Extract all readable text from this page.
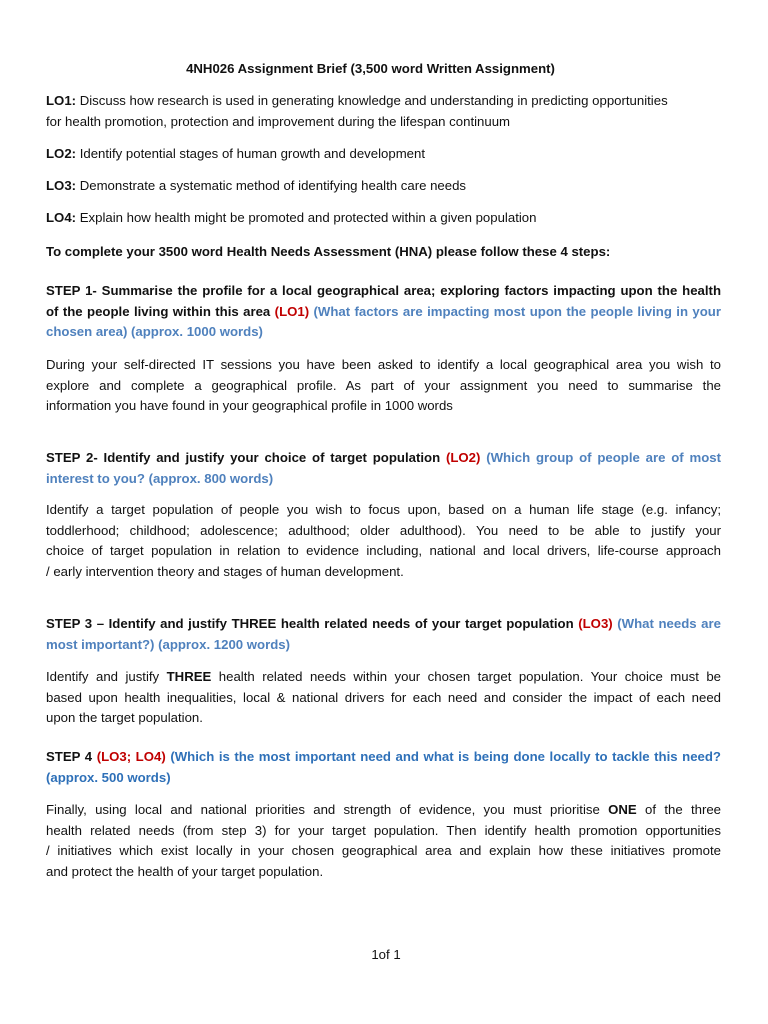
4NH026 Assignment Brief (3,500 word Written Assignment)
LO1: Discuss how research is used in generating knowledge and understanding in predicting opportunities
for health promotion, protection and improvement during the lifespan continuum
LO2: Identify potential stages of human growth and development
LO3: Demonstrate a systematic method of identifying health care needs
LO4: Explain how health might be promoted and protected within a given population
To complete your 3500 word Health Needs Assessment (HNA) please follow these 4 steps:
STEP 1- Summarise the profile for a local geographical area; exploring factors impacting upon the health
of the people living within this area (LO1) (What factors are impacting most upon the people living in your
chosen area) (approx. 1000 words)
During your self-directed IT sessions you have been asked to identify a local geographical area you wish to
explore and complete a geographical profile. As part of your assignment you need to summarise the
information you have found in your geographical profile in 1000 words
STEP 2- Identify and justify your choice of target population (LO2) (Which group of people are of most
interest to you? (approx. 800 words)
Identify a target population of people you wish to focus upon, based on a human life stage (e.g. infancy;
toddlerhood; childhood; adolescence; adulthood; older adulthood). You need to be able to justify your
choice of target population in relation to evidence including, national and local drivers, life-course approach
/ early intervention theory and stages of human development.
STEP 3 – Identify and justify THREE health related needs of your target population (LO3) (What needs are
most important?) (approx. 1200 words)
Identify and justify THREE health related needs within your chosen target population. Your choice must be
based upon health inequalities, local & national drivers for each need and consider the impact of each need
upon the target population.
STEP 4 (LO3; LO4) (Which is the most important need and what is being done locally to tackle this need?
(approx. 500 words)
Finally, using local and national priorities and strength of evidence, you must prioritise ONE of the three
health related needs (from step 3) for your target population. Then identify health promotion opportunities
/ initiatives which exist locally in your chosen geographical area and explain how these initiatives promote
and protect the health of your target population.
1of 1
